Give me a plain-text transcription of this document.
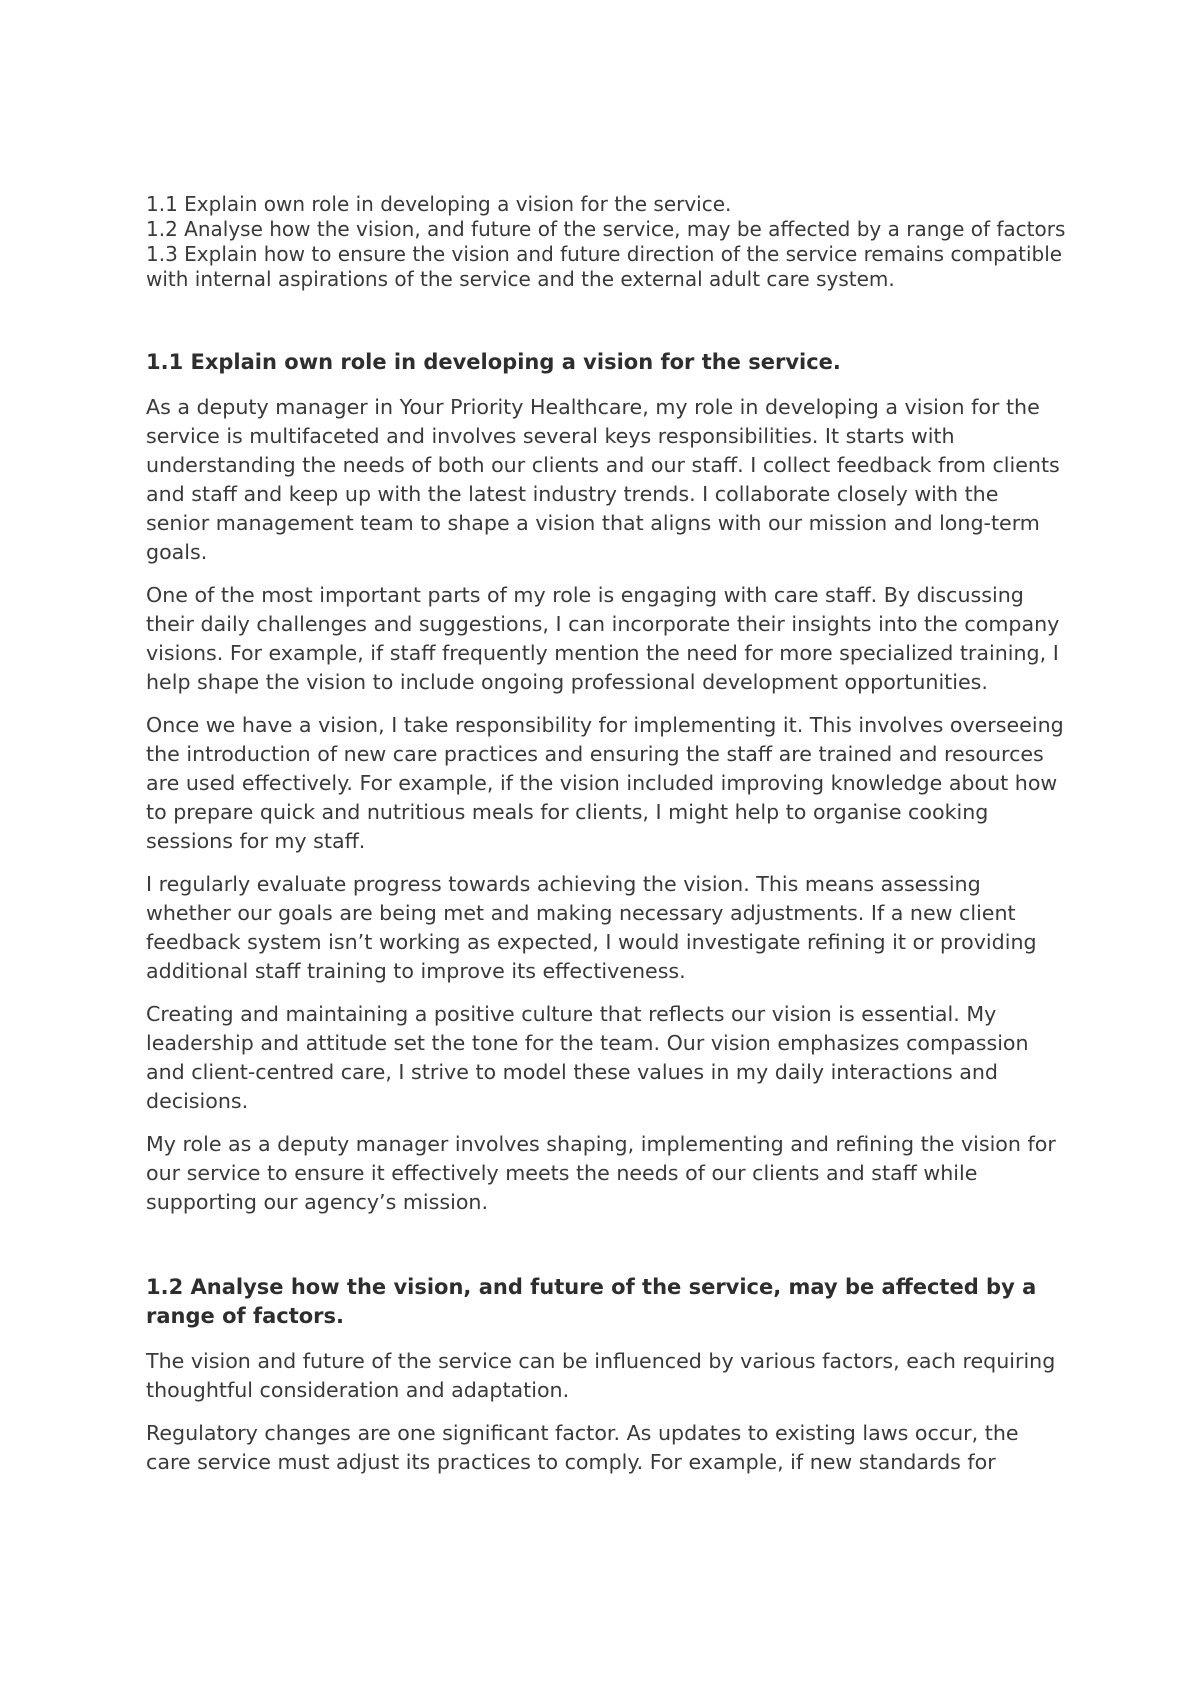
1.1 Explain own role in developing a vision for the service.

1.2 Analyse how the vision, and future of the service, may be affected by a range of factors

1.3 Explain how to ensure the vision and future direction of the service remains compatible with internal aspirations of the service and the external adult care system.

1.1 Explain own role in developing a vision for the service.

As a deputy manager in Your Priority Healthcare, my role in developing a vision for the service is multifaceted and involves several keys responsibilities. It starts with understanding the needs of both our clients and our staff. I collect feedback from clients and staff and keep up with the latest industry trends. I collaborate closely with the senior management team to shape a vision that aligns with our mission and long-term goals.

One of the most important parts of my role is engaging with care staff. By discussing their daily challenges and suggestions, I can incorporate their insights into the company visions. For example, if staff frequently mention the need for more specialized training, I help shape the vision to include ongoing professional development opportunities.

Once we have a vision, I take responsibility for implementing it. This involves overseeing the introduction of new care practices and ensuring the staff are trained and resources are used effectively. For example, if the vision included improving knowledge about how to prepare quick and nutritious meals for clients, I might help to organise cooking sessions for my staff.

I regularly evaluate progress towards achieving the vision. This means assessing whether our goals are being met and making necessary adjustments. If a new client feedback system isn’t working as expected, I would investigate refining it or providing additional staff training to improve its effectiveness.

Creating and maintaining a positive culture that reflects our vision is essential. My leadership and attitude set the tone for the team. Our vision emphasizes compassion and client-centred care, I strive to model these values in my daily interactions and decisions.

My role as a deputy manager involves shaping, implementing and refining the vision for our service to ensure it effectively meets the needs of our clients and staff while supporting our agency’s mission.

1.2 Analyse how the vision, and future of the service, may be affected by a range of factors.

The vision and future of the service can be influenced by various factors, each requiring thoughtful consideration and adaptation.

Regulatory changes are one significant factor. As updates to existing laws occur, the care service must adjust its practices to comply. For example, if new standards for
